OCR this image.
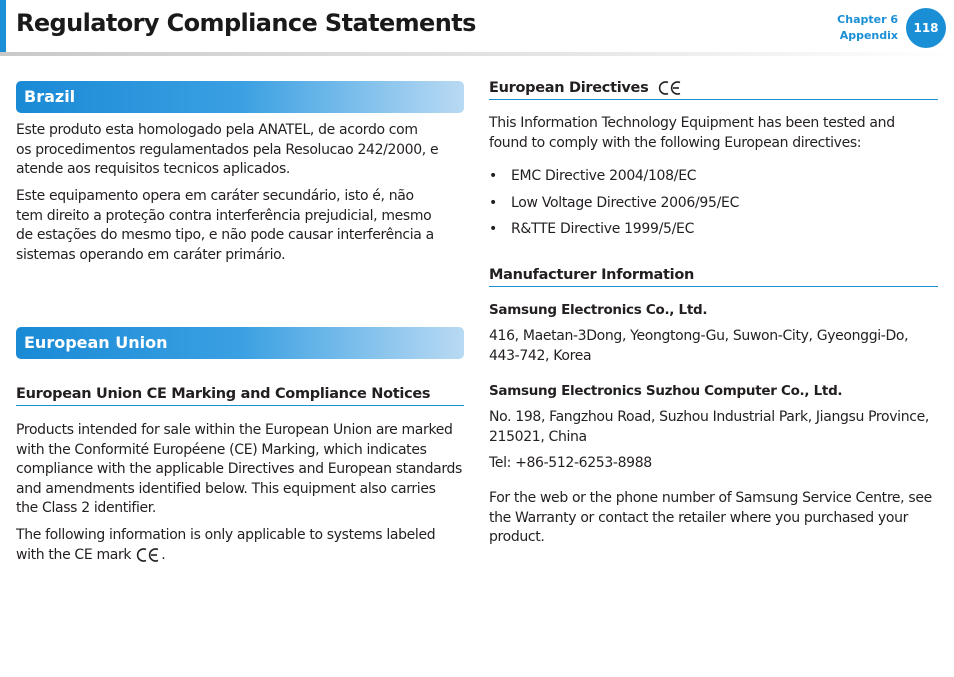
Regulatory Compliance Statements	Chapter 6
Appendix
118
Brazil
Este produto esta homologado pela ANATEL, de acordo com
os procedimentos regulamentados pela Resolucao 242/2000, e
atende aos requisitos tecnicos aplicados.
Este equipamento opera em caráter secundário, isto é, não
tem direito a proteção contra interferência prejudicial, mesmo
de estações do mesmo tipo, e não pode causar interferência a
sistemas operando em caráter primário.
European Union
European Union CE Marking and Compliance Notices
Products intended for sale within the European Union are marked
with the Conformité Européene (CE) Marking, which indicates
compliance with the applicable Directives and European standards
and amendments identified below. This equipment also carries
the Class 2 identifier.
The following information is only applicable to systems labeled
with the CE mark .
European Directives
This Information Technology Equipment has been tested and
found to comply with the following European directives:
• EMC Directive 2004/108/EC
• Low Voltage Directive 2006/95/EC
• R&TTE Directive 1999/5/EC
Manufacturer Information
Samsung Electronics Co., Ltd.
416, Maetan-3Dong, Yeongtong-Gu, Suwon-City, Gyeonggi-Do,
443-742, Korea
Samsung Electronics Suzhou Computer Co., Ltd.
No. 198, Fangzhou Road, Suzhou Industrial Park, Jiangsu Province,
215021, China
Tel: +86-512-6253-8988
For the web or the phone number of Samsung Service Centre, see
the Warranty or contact the retailer where you purchased your
product.
